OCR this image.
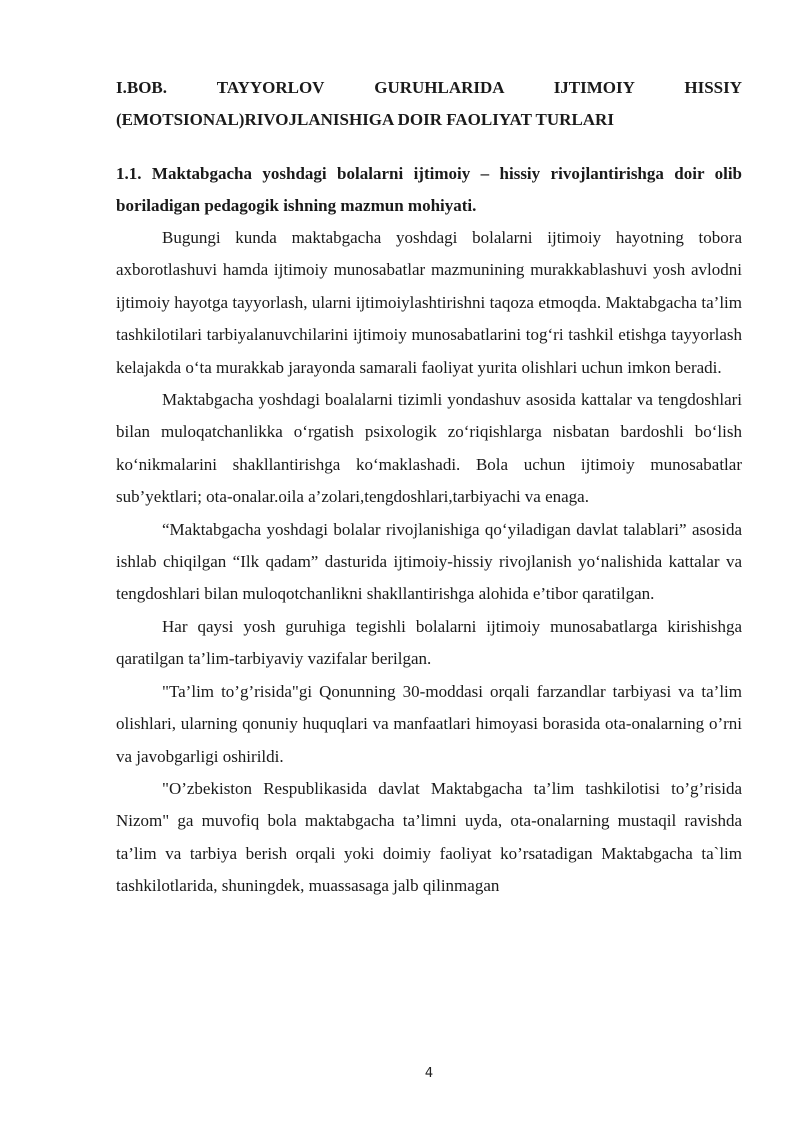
I.BOB. TAYYORLOV GURUHLARIDA IJTIMOIY HISSIY
(EMOTSIONAL)RIVOJLANISHIGA DOIR FAOLIYAT TURLARI
1.1. Maktabgacha yoshdagi bolalarni ijtimoiy – hissiy rivojlantirishga doir olib boriladigan pedagogik ishning mazmun mohiyati.

Bugungi kunda maktabgacha yoshdagi bolalarni ijtimoiy hayotning tobora axborotlashuvi hamda ijtimoiy munosabatlar mazmunining murakkablashuvi yosh avlodni ijtimoiy hayotga tayyorlash, ularni ijtimoiylashtirishni taqoza etmoqda. Maktabgacha ta’lim tashkilotilari tarbiyalanuvchilarini ijtimoiy munosabatlarini tog‘ri tashkil etishga tayyorlash kelajakda o‘ta murakkab jarayonda samarali faoliyat yurita olishlari uchun imkon beradi.

Maktabgacha yoshdagi boalalarni tizimli yondashuv asosida kattalar va tengdoshlari bilan muloqatchanlikka o‘rgatish psixologik zo‘riqishlarga nisbatan bardoshli bo‘lish ko‘nikmalarini shakllantirishga ko‘maklashadi. Bola uchun ijtimoiy munosabatlar sub’yektlari; ota-onalar.oila a’zolari,tengdoshlari,tarbiyachi va enaga.

“Maktabgacha yoshdagi bolalar rivojlanishiga qo‘yiladigan davlat talablari” asosida ishlab chiqilgan “Ilk qadam” dasturida ijtimoiy-hissiy rivojlanish yo‘nalishida kattalar va tengdoshlari bilan muloqotchanlikni shakllantirishga alohida e’tibor qaratilgan.

Har qaysi yosh guruhiga tegishli bolalarni ijtimoiy munosabatlarga kirishishga qaratilgan ta’lim-tarbiyaviy vazifalar berilgan.

"Ta’lim to’g’risida"gi Qonunning 30-moddasi orqali farzandlar tarbiyasi va ta’lim olishlari, ularning qonuniy huquqlari va manfaatlari himoyasi borasida ota-onalarning o’rni va javobgarligi oshirildi.

"O’zbekiston Respublikasida davlat Maktabgacha ta’lim tashkilotisi to’g’risida Nizom" ga muvofiq bola maktabgacha ta’limni uyda, ota-onalarning mustaqil ravishda ta’lim va tarbiya berish orqali yoki doimiy faoliyat ko’rsatadigan Maktabgacha ta`lim tashkilotlarida, shuningdek, muassasaga jalb qilinmagan

4
